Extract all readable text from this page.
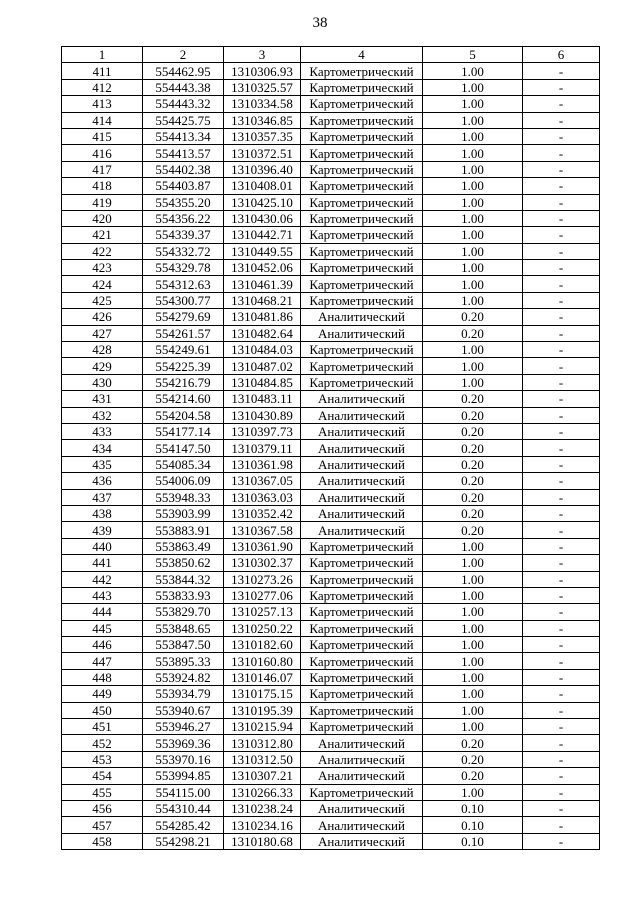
38
1	2	3	4	5	6
411	554462.95	1310306.93	Картометрический	1.00	-
412	554443.38	1310325.57	Картометрический	1.00	-
413	554443.32	1310334.58	Картометрический	1.00	-
414	554425.75	1310346.85	Картометрический	1.00	-
415	554413.34	1310357.35	Картометрический	1.00	-
416	554413.57	1310372.51	Картометрический	1.00	-
417	554402.38	1310396.40	Картометрический	1.00	-
418	554403.87	1310408.01	Картометрический	1.00	-
419	554355.20	1310425.10	Картометрический	1.00	-
420	554356.22	1310430.06	Картометрический	1.00	-
421	554339.37	1310442.71	Картометрический	1.00	-
422	554332.72	1310449.55	Картометрический	1.00	-
423	554329.78	1310452.06	Картометрический	1.00	-
424	554312.63	1310461.39	Картометрический	1.00	-
425	554300.77	1310468.21	Картометрический	1.00	-
426	554279.69	1310481.86	Аналитический	0.20	-
427	554261.57	1310482.64	Аналитический	0.20	-
428	554249.61	1310484.03	Картометрический	1.00	-
429	554225.39	1310487.02	Картометрический	1.00	-
430	554216.79	1310484.85	Картометрический	1.00	-
431	554214.60	1310483.11	Аналитический	0.20	-
432	554204.58	1310430.89	Аналитический	0.20	-
433	554177.14	1310397.73	Аналитический	0.20	-
434	554147.50	1310379.11	Аналитический	0.20	-
435	554085.34	1310361.98	Аналитический	0.20	-
436	554006.09	1310367.05	Аналитический	0.20	-
437	553948.33	1310363.03	Аналитический	0.20	-
438	553903.99	1310352.42	Аналитический	0.20	-
439	553883.91	1310367.58	Аналитический	0.20	-
440	553863.49	1310361.90	Картометрический	1.00	-
441	553850.62	1310302.37	Картометрический	1.00	-
442	553844.32	1310273.26	Картометрический	1.00	-
443	553833.93	1310277.06	Картометрический	1.00	-
444	553829.70	1310257.13	Картометрический	1.00	-
445	553848.65	1310250.22	Картометрический	1.00	-
446	553847.50	1310182.60	Картометрический	1.00	-
447	553895.33	1310160.80	Картометрический	1.00	-
448	553924.82	1310146.07	Картометрический	1.00	-
449	553934.79	1310175.15	Картометрический	1.00	-
450	553940.67	1310195.39	Картометрический	1.00	-
451	553946.27	1310215.94	Картометрический	1.00	-
452	553969.36	1310312.80	Аналитический	0.20	-
453	553970.16	1310312.50	Аналитический	0.20	-
454	553994.85	1310307.21	Аналитический	0.20	-
455	554115.00	1310266.33	Картометрический	1.00	-
456	554310.44	1310238.24	Аналитический	0.10	-
457	554285.42	1310234.16	Аналитический	0.10	-
458	554298.21	1310180.68	Аналитический	0.10	-
